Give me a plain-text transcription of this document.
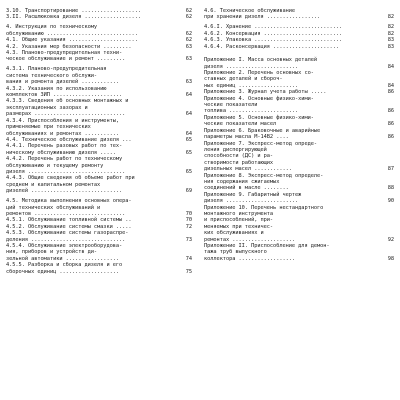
3.10. Транспортирование ...................	62
3.II. Расшлюковка дизеля ..................	62
4. Инструкция по техническому
обслуживанию .............................	62
4.1. Общие указания ......................	62
4.2. Указания мер безопасности .........	63
4.3. Планово-предупредительная техни-
ческое обслуживание и ремонт .........	63
4.3.1. Планово-предупредительная
система технического обслужи-
вания и ремонта дизелей ............	63
4.3.2. Указания по использованию
комплектов ЗИП ......................	64
4.3.3. Сведения об основных монтажных и
эксплуатационных зазорах и
размерах .............................	64
4.3.4. Приспособления и инструменты,
применяемые при технических
обслуживаниях и ремонтах ...........	64
4.4. Техническое обслуживание дизеля ...	65
4.4.1. Перечень разовых работ по тех-
ническому обслуживанию дизеля .....	65
4.4.2. Перечень работ по техническому
обслуживанию и текущему ремонту
дизеля ...............................	65
4.4.3. Общие сведения об объеме работ при
среднем и капитальном ремонтах
дизелей .............................	69
4.5. Методика выполнения основных опера-
ций технических обслуживаний и
ремонтов .............................	70
4.5.1. Обслуживание топливной системы ..	70
4.5.2. Обслуживание системы смазки .....	72
4.5.3. Обслуживание системы газораспре-
деления ..............................	73
4.5.4. Обслуживание электрооборудова-
ния, приборов и устройств ди-
зельной автоматики .................	74
4.5.5. Разборка и сборка дизеля и его
сборочных единиц ...................	75
4.6. Техническое обслуживание
при хранении дизеля .................	82
4.6.I. Хранение ............................	82
4.6.2. Консервация .........................	82
4.6.3. Упаковка ............................	83
4.6.4. Расконсервация .....................	83
Приложение I. Масса основных деталей
дизеля .......................	84
Приложение 2. Перечень основных со-
ставных деталей и сбороч-
ных единиц ...................	84
Приложение 3. Журнал учета работы .....	86
Приложение 4. Основные физико-хими-
ческие показатели
топлива ......................	86
Приложение 5. Основные физико-хими-
ческие показатели масел	86
Приложение 6. Браковочные и аварийные
параметры масла М-14В2 ....	86
Приложение 7. Экспресс-метод опреде-
ления диспергирующей
способности (ДС) и ра-
створимости работающих
дизельных масел ............	87
Приложение 8. Экспресс-метод определе-
ния содержания сжигаемых
соединений в масле ........	88
Приложение 9. Габаритный чертеж
дизеля .......................	90
Приложение 10. Перечень нестандартного
монтажного инструмента
и приспособлений, при-
меняемых при техничес-
ких обслуживаниях и
ремонтах ....................	92
Приложение II. Приспособление для демон-
тажа труб выпускного
коллектора ..................	98
